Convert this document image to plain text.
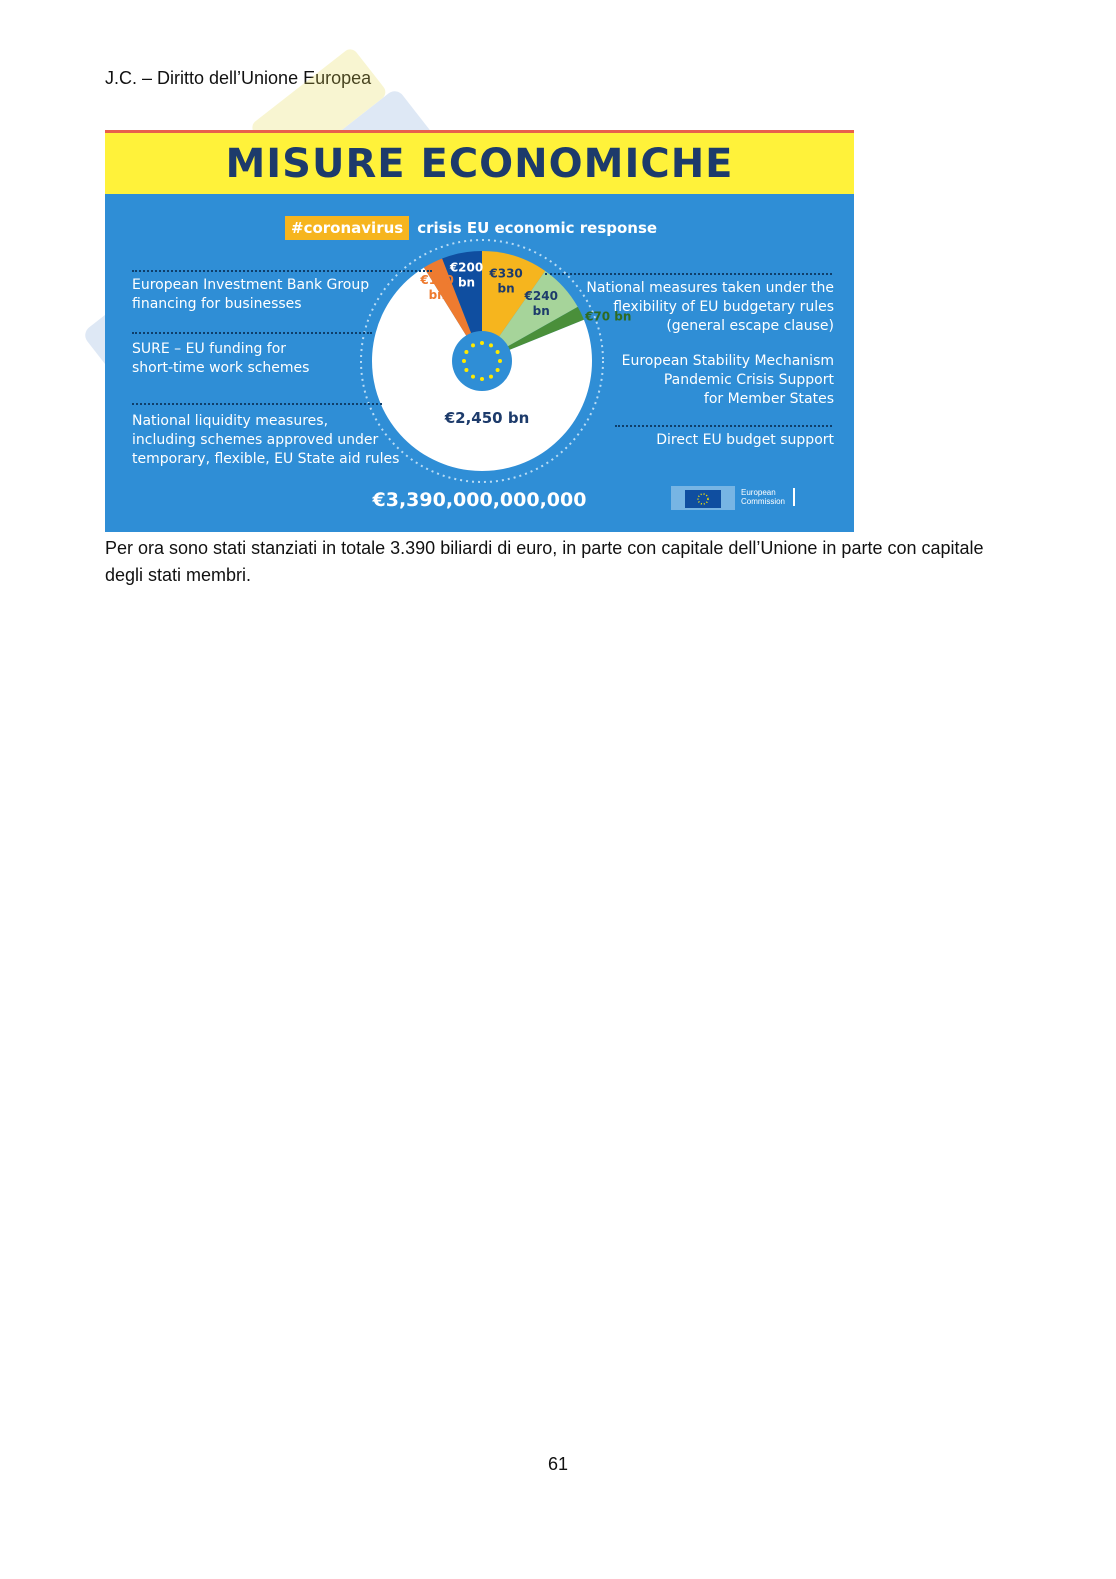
J.C. – Diritto dell’Unione Europea
MISURE ECONOMICHE
#coronavirus crisis EU economic response
€100 bn
€200 bn
€330 bn
€240 bn	€70 bn
€2,450 bn
European Investment Bank Group
financing for businesses
SURE – EU funding for
short-time work schemes
National liquidity measures,
including schemes approved under
temporary, flexible, EU State aid rules
National measures taken under the
flexibility of EU budgetary rules
(general escape clause)
European Stability Mechanism
Pandemic Crisis Support
for Member States
Direct EU budget support
€3,390,000,000,000	European
Commission
Per ora sono stati stanziati in totale 3.390 biliardi di euro, in parte con capitale dell’Unione in parte con capitale degli stati membri.
61
